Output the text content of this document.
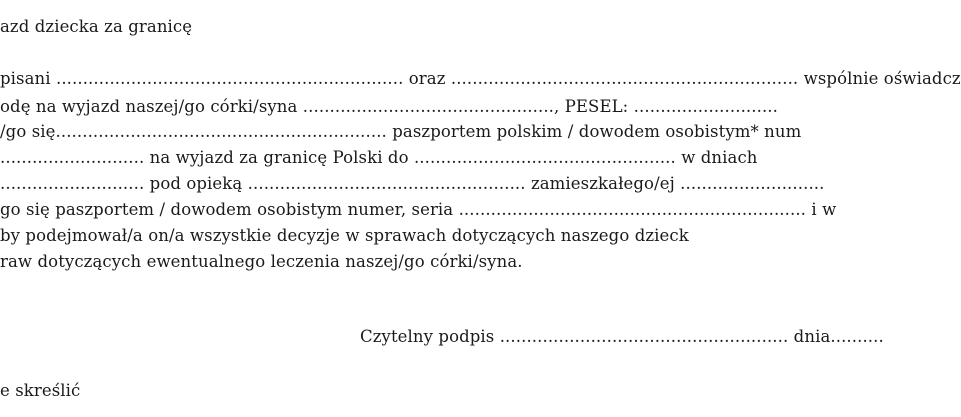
azd dziecka za granicę
pisani ................................................................. oraz ................................................................. wspólnie oświadcz
odę na wyjazd naszej/go córki/syna ..............................................., PESEL: ...........................
/go się.............................................................. paszportem polskim / dowodem osobistym* num
........................... na wyjazd za granicę Polski do ................................................. w dniach
........................... pod opieką .................................................... zamieszkałego/ej ...........................
go się paszportem / dowodem osobistym numer, seria ................................................................. i w
by podejmował/a on/a wszystkie decyzje w sprawach dotyczących naszego dzieck
raw dotyczących ewentualnego leczenia naszej/go córki/syna.
Czytelny podpis ...................................................... dnia..........
e skreślić
